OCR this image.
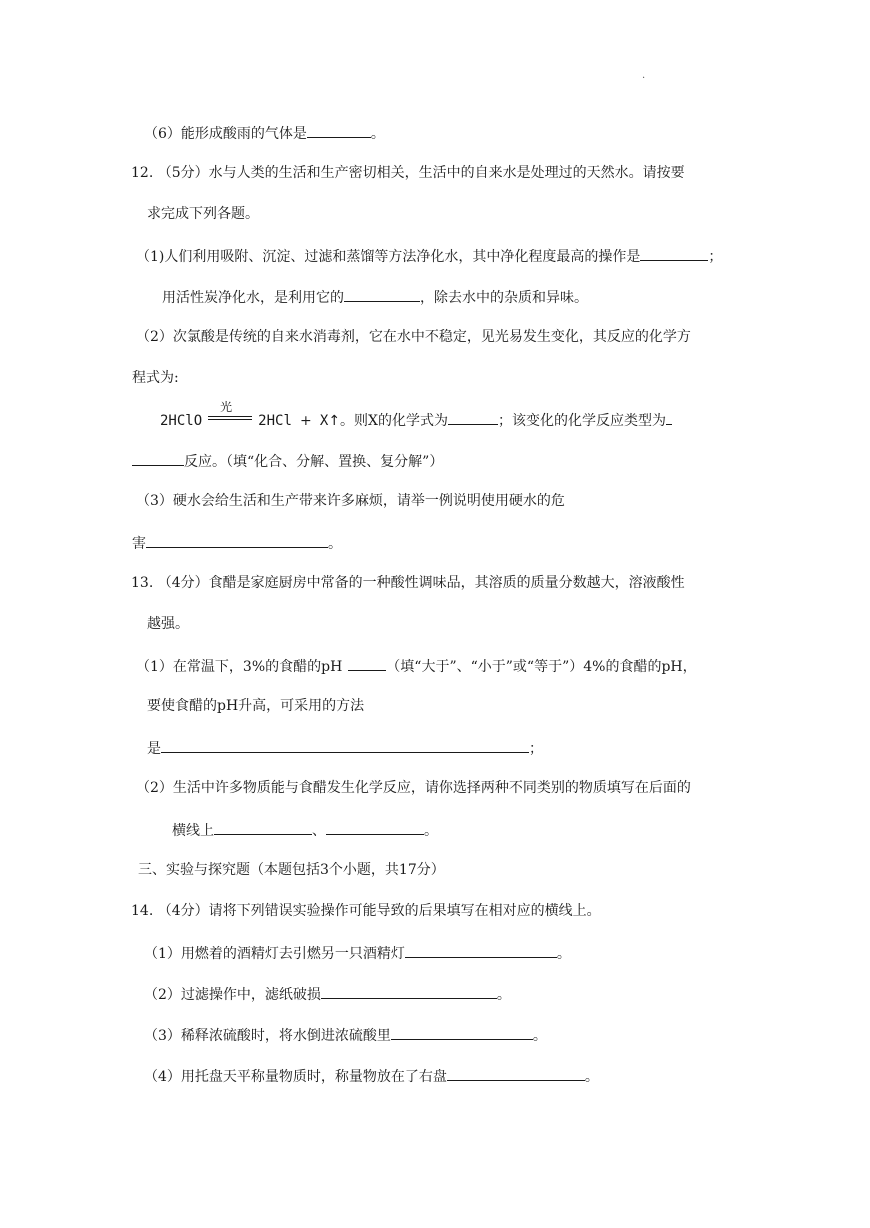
.
（6）能形成酸雨的气体是	。
12. （5分）水与人类的生活和生产密切相关，生活中的自来水是处理过的天然水。请按要
求完成下列各题。
（1)人们利用吸附、沉淀、过滤和蒸馏等方法净化水，其中净化程度最高的操作是	；
用活性炭净化水，是利用它的	，除去水中的杂质和异味。
（2）次氯酸是传统的自来水消毒剂，它在水中不稳定，见光易发生变化，其反应的化学方
程式为:
2HClO
光
2HCl + X↑。则X的化学式为	；该变化的化学反应类型为
反应。（填“化合、分解、置换、复分解”）
（3）硬水会给生活和生产带来许多麻烦，请举一例说明使用硬水的危
害	。
13. （4分）食醋是家庭厨房中常备的一种酸性调味品，其溶质的质量分数越大，溶液酸性
越强。
（1）在常温下，3%的食醋的pH	（填“大于”、“小于”或“等于”）4%的食醋的pH，
要使食醋的pH升高，可采用的方法
是	；
（2）生活中许多物质能与食醋发生化学反应，请你选择两种不同类别的物质填写在后面的
横线上	、	。
三、实验与探究题（本题包括3个小题，共17分）
14. （4分）请将下列错误实验操作可能导致的后果填写在相对应的横线上。
（1）用燃着的酒精灯去引燃另一只酒精灯	。
（2）过滤操作中，滤纸破损	。
（3）稀释浓硫酸时，将水倒进浓硫酸里	。
（4）用托盘天平称量物质时，称量物放在了右盘	。
